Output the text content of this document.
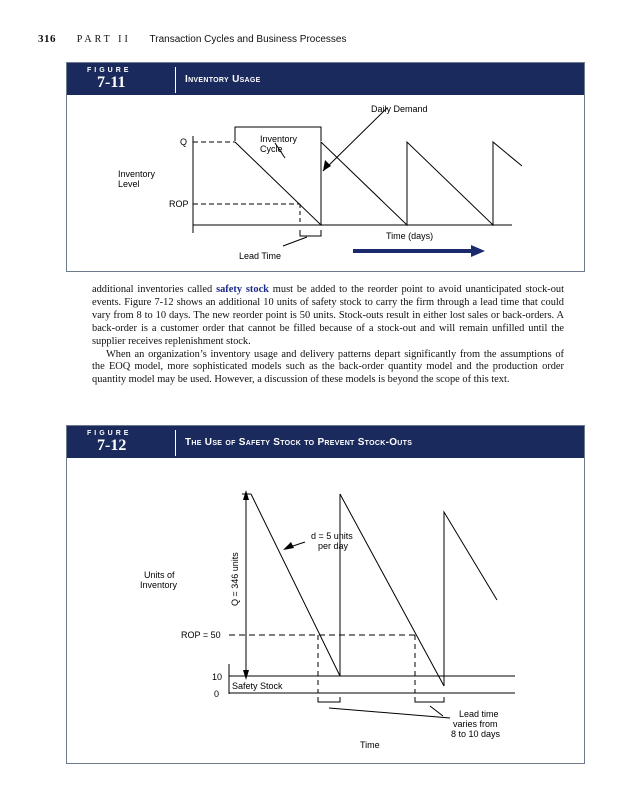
316 PART II Transaction Cycles and Business Processes
FIGURE
7-11	Inventory Usage
Daily Demand
Q	Inventory
Cycle
Inventory
Level
ROP
Time (days)
Lead Time

additional inventories called safety stock must be added to the reorder point to avoid unanticipated stock-out events. Figure 7-12 shows an additional 10 units of safety stock to carry the firm through a lead time that could vary from 8 to 10 days. The new reorder point is 50 units. Stock-outs result in either lost sales or back-orders. A back-order is a customer order that cannot be filled because of a stock-out and will remain unfilled until the supplier receives replenishment stock.

When an organization’s inventory usage and delivery patterns depart significantly from the assumptions of the EOQ model, more sophisticated models such as the back-order quantity model and the production order quantity model may be used. However, a discussion of these models is beyond the scope of this text.

FIGURE
7-12	The Use of Safety Stock to Prevent Stock-Outs
d = 5 units
per day
Units of
Inventory	Q = 346 units
ROP = 50
10
0
Safety Stock
Lead time
varies from
8 to 10 days
Time
